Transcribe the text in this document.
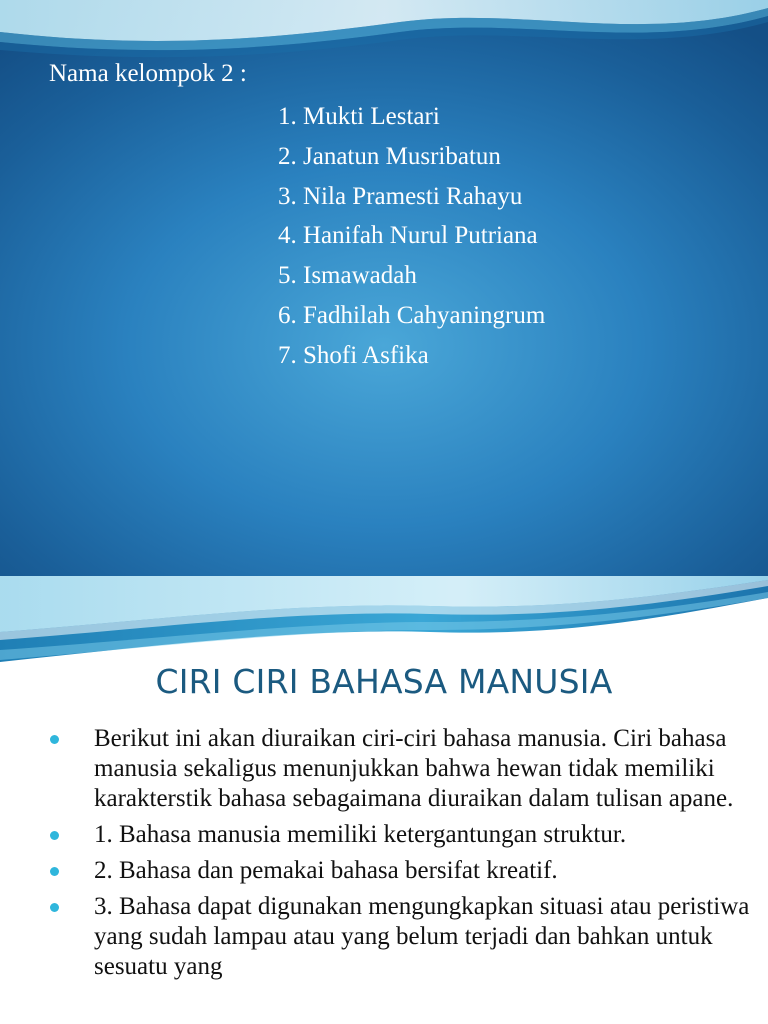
Nama kelompok 2 :
1. Mukti Lestari
2. Janatun Musribatun
3. Nila Pramesti Rahayu
4. Hanifah Nurul Putriana
5. Ismawadah
6. Fadhilah Cahyaningrum
7. Shofi Asfika
CIRI CIRI BAHASA MANUSIA
Berikut ini akan diuraikan ciri-ciri bahasa manusia. Ciri bahasa manusia sekaligus menunjukkan bahwa hewan tidak memiliki karakterstik bahasa sebagaimana diuraikan dalam tulisan apane.
1. Bahasa manusia memiliki ketergantungan struktur.
2. Bahasa dan pemakai bahasa bersifat kreatif.
3. Bahasa dapat digunakan mengungkapkan situasi atau peristiwa yang sudah lampau atau yang belum terjadi dan bahkan untuk sesuatu yang
